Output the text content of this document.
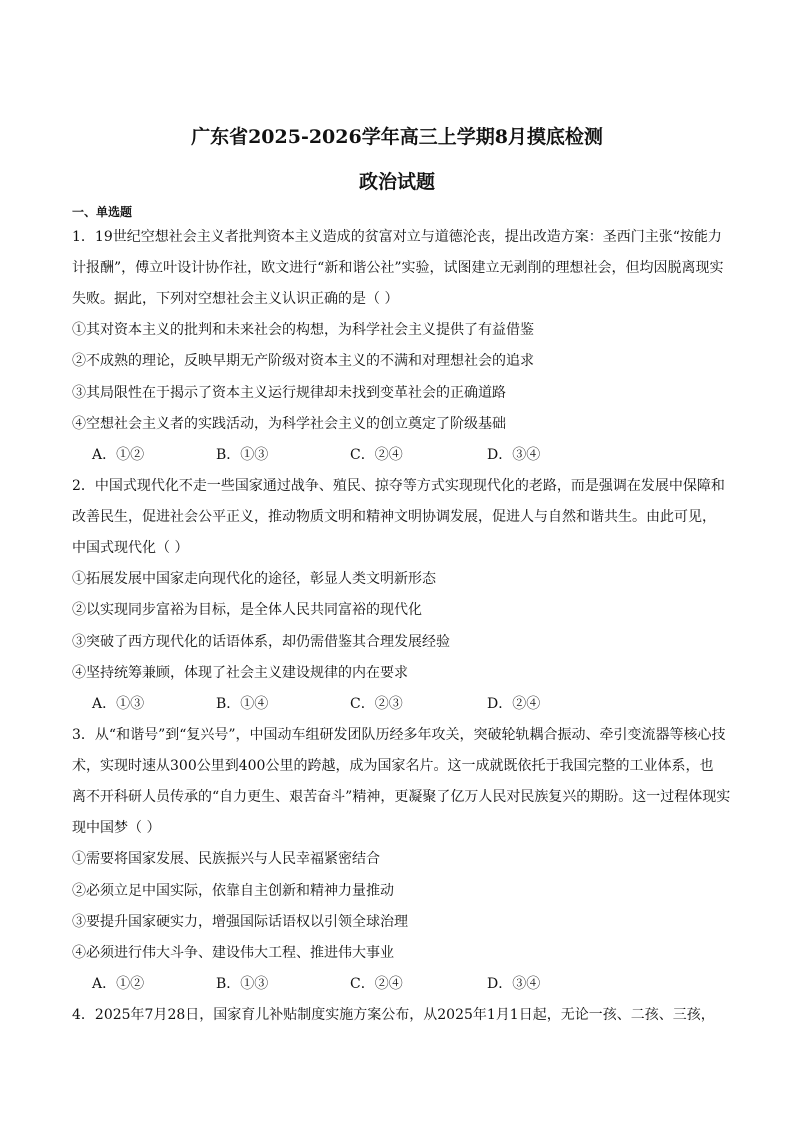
广东省2025-2026学年高三上学期8月摸底检测
政治试题
一、单选题
1．19世纪空想社会主义者批判资本主义造成的贫富对立与道德沦丧，提出改造方案：圣西门主张“按能力
计报酬”，傅立叶设计协作社，欧文进行“新和谐公社”实验，试图建立无剥削的理想社会，但均因脱离现实
失败。据此，下列对空想社会主义认识正确的是（ ）
①其对资本主义的批判和未来社会的构想，为科学社会主义提供了有益借鉴
②不成熟的理论，反映早期无产阶级对资本主义的不满和对理想社会的追求
③其局限性在于揭示了资本主义运行规律却未找到变革社会的正确道路
④空想社会主义者的实践活动，为科学社会主义的创立奠定了阶级基础
A．①②	B．①③	C．②④	D．③④
2．中国式现代化不走一些国家通过战争、殖民、掠夺等方式实现现代化的老路，而是强调在发展中保障和
改善民生，促进社会公平正义，推动物质文明和精神文明协调发展，促进人与自然和谐共生。由此可见，
中国式现代化（ ）
①拓展发展中国家走向现代化的途径，彰显人类文明新形态
②以实现同步富裕为目标，是全体人民共同富裕的现代化
③突破了西方现代化的话语体系，却仍需借鉴其合理发展经验
④坚持统筹兼顾，体现了社会主义建设规律的内在要求
A．①③	B．①④	C．②③	D．②④
3．从“和谐号”到“复兴号”，中国动车组研发团队历经多年攻关，突破轮轨耦合振动、牵引变流器等核心技
术，实现时速从300公里到400公里的跨越，成为国家名片。这一成就既依托于我国完整的工业体系，也
离不开科研人员传承的“自力更生、艰苦奋斗”精神，更凝聚了亿万人民对民族复兴的期盼。这一过程体现实
现中国梦（ ）
①需要将国家发展、民族振兴与人民幸福紧密结合
②必须立足中国实际，依靠自主创新和精神力量推动
③要提升国家硬实力，增强国际话语权以引领全球治理
④必须进行伟大斗争、建设伟大工程、推进伟大事业
A．①②	B．①③	C．②④	D．③④
4．2025年7月28日，国家育儿补贴制度实施方案公布，从2025年1月1日起，无论一孩、二孩、三孩，
